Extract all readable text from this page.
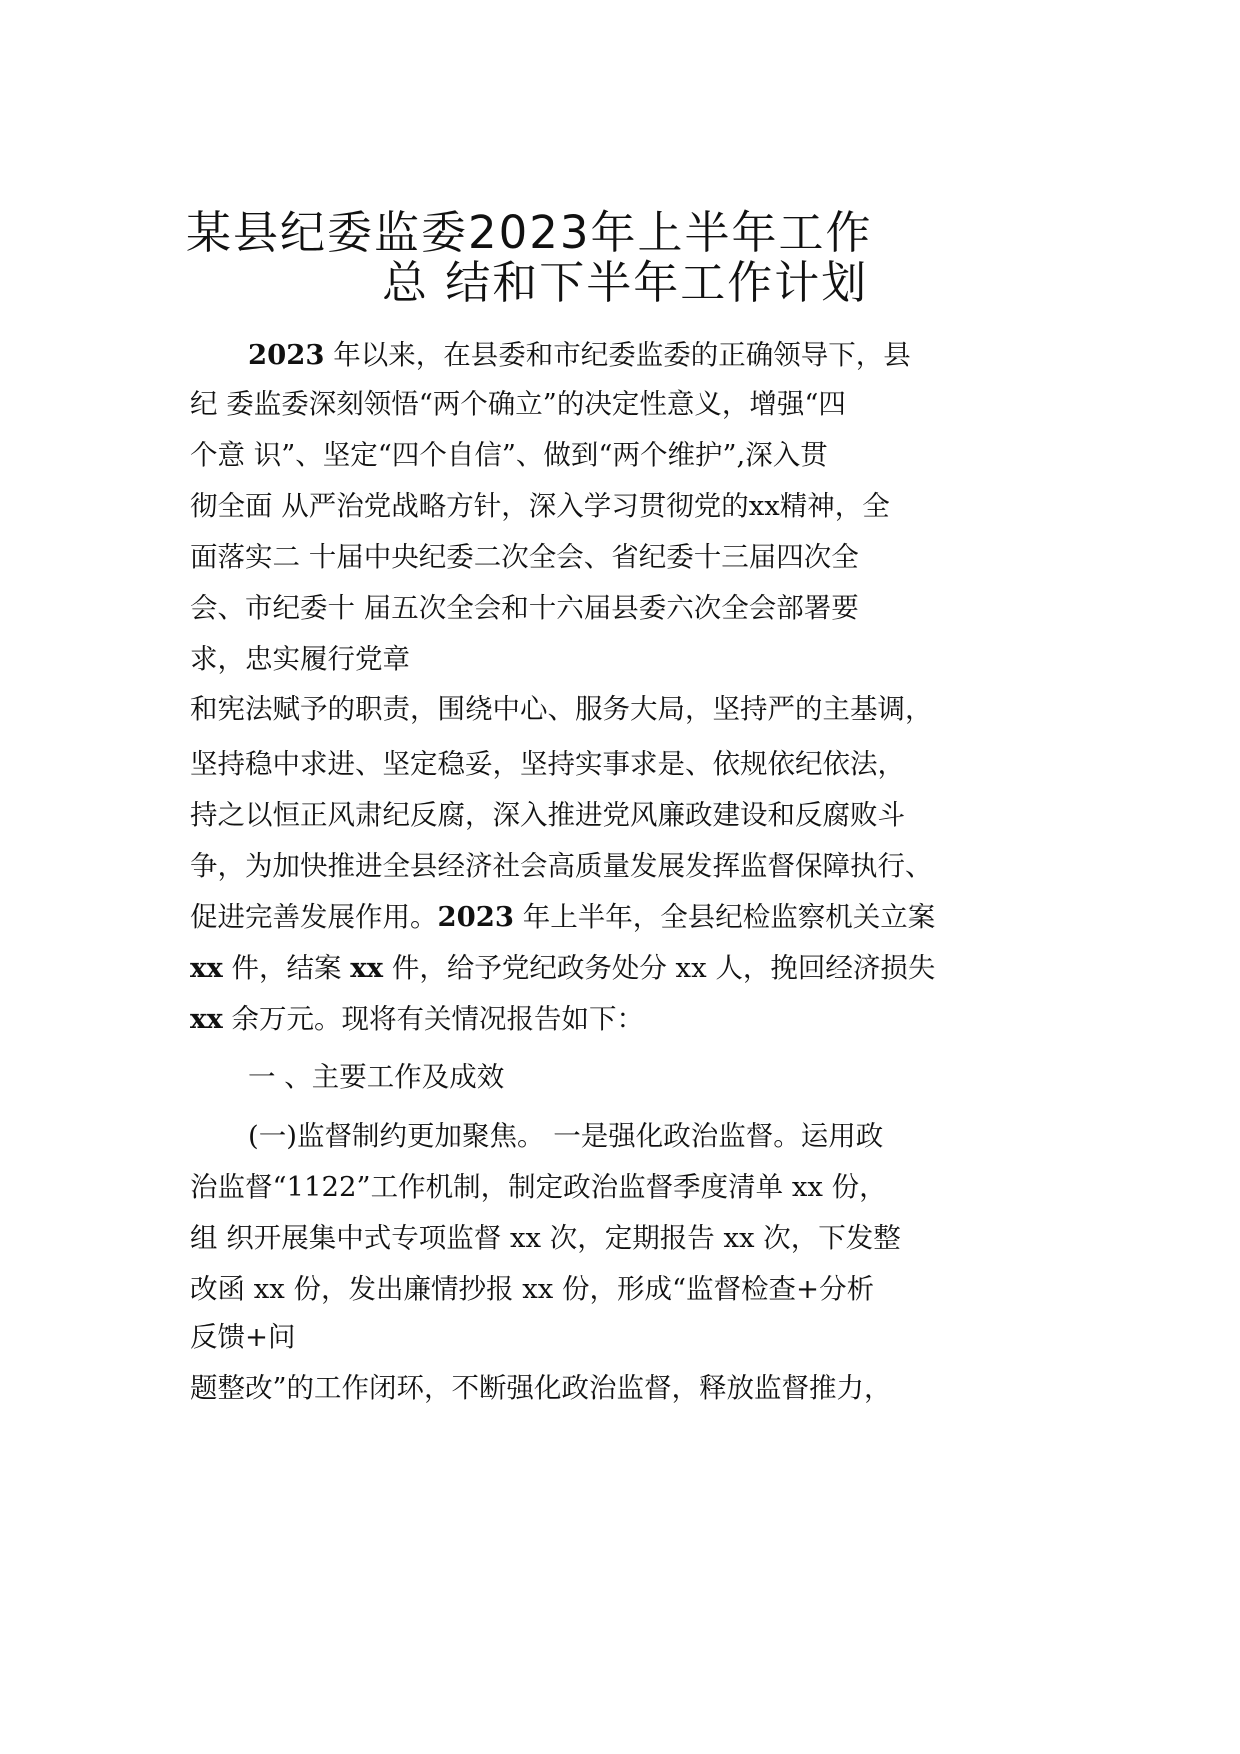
某县纪委监委2023年上半年工作
总 结和下半年工作计划
2023 年以来，在县委和市纪委监委的正确领导下，县
纪 委监委深刻领悟“两个确立”的决定性意义，增强“四
个意 识”、坚定“四个自信”、做到“两个维护”,深入贯
彻全面 从严治党战略方针，深入学习贯彻党的xx精神，全
面落实二 十届中央纪委二次全会、省纪委十三届四次全
会、市纪委十 届五次全会和十六届县委六次全会部署要
求，忠实履行党章
和宪法赋予的职责，围绕中心、服务大局，坚持严的主基调，
坚持稳中求进、坚定稳妥，坚持实事求是、依规依纪依法，
持之以恒正风肃纪反腐，深入推进党风廉政建设和反腐败斗
争，为加快推进全县经济社会高质量发展发挥监督保障执行、
促进完善发展作用。2023 年上半年，全县纪检监察机关立案
xx 件，结案 xx 件，给予党纪政务处分 xx 人，挽回经济损失
xx 余万元。现将有关情况报告如下：
一 、主要工作及成效
(一)监督制约更加聚焦。 一是强化政治监督。运用政
治监督“1122”工作机制，制定政治监督季度清单 xx 份，
组 织开展集中式专项监督 xx 次，定期报告 xx 次，下发整
改函 xx 份，发出廉情抄报 xx 份，形成“监督检查+分析
反馈+问
题整改”的工作闭环，不断强化政治监督，释放监督推力，
